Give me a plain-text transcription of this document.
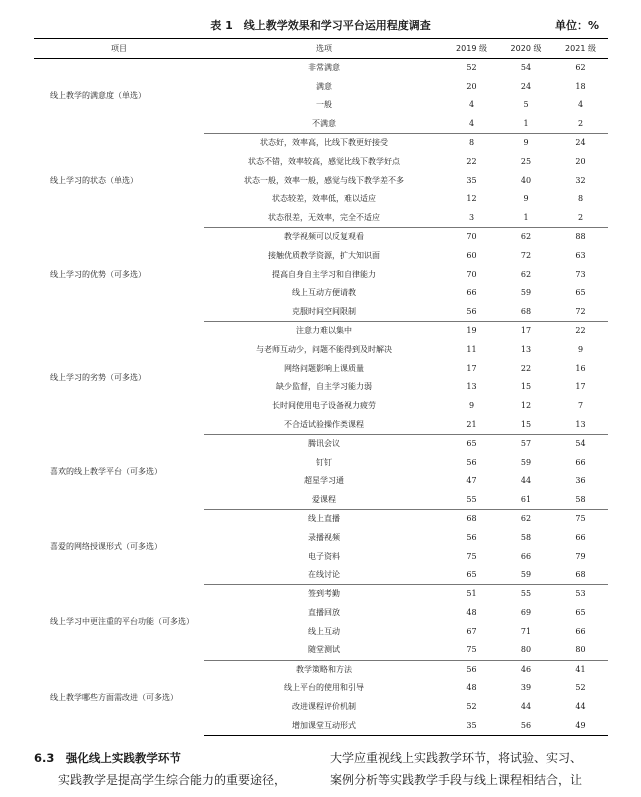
表 1　线上教学效果和学习平台运用程度调查	单位：%
项目	选项	2019 级	2020 级	2021 级
线上教学的满意度（单选）	非常满意	52	54	62
	满意	20	24	18
	一般	4	5	4
	不满意	4	1	2
线上学习的状态（单选）	状态好，效率高，比线下教更好接受	8	9	24
	状态不错，效率较高，感觉比线下教学好点	22	25	20
	状态一般，效率一般，感觉与线下教学差不多	35	40	32
	状态较差，效率低，难以适应	12	9	8
	状态很差，无效率，完全不适应	3	1	2
线上学习的优势（可多选）	教学视频可以反复观看	70	62	88
	接触优质教学资源，扩大知识面	60	72	63
	提高自身自主学习和自律能力	70	62	73
	线上互动方便请教	66	59	65
	克服时间空间限制	56	68	72
线上学习的劣势（可多选）	注意力难以集中	19	17	22
	与老师互动少，问题不能得到及时解决	11	13	9
	网络问题影响上课质量	17	22	16
	缺少监督，自主学习能力弱	13	15	17
	长时间使用电子设备视力疲劳	9	12	7
	不合适试验操作类课程	21	15	13
喜欢的线上教学平台（可多选）	腾讯会议	65	57	54
	钉钉	56	59	66
	超星学习通	47	44	36
	爱课程	55	61	58
喜爱的网络授课形式（可多选）	线上直播	68	62	75
	录播视频	56	58	66
	电子资料	75	66	79
	在线讨论	65	59	68
线上学习中更注重的平台功能（可多选）	签到考勤	51	55	53
	直播回放	48	69	65
	线上互动	67	71	66
	随堂测试	75	80	80
线上教学哪些方面需改进（可多选）	教学策略和方法	56	46	41
	线上平台的使用和引导	48	39	52
	改进课程评价机制	52	44	44
	增加课堂互动形式	35	56	49
6.3　强化线上实践教学环节
实践教学是提高学生综合能力的重要途径，
大学应重视线上实践教学环节，将试验、实习、
案例分析等实践教学手段与线上课程相结合，让
